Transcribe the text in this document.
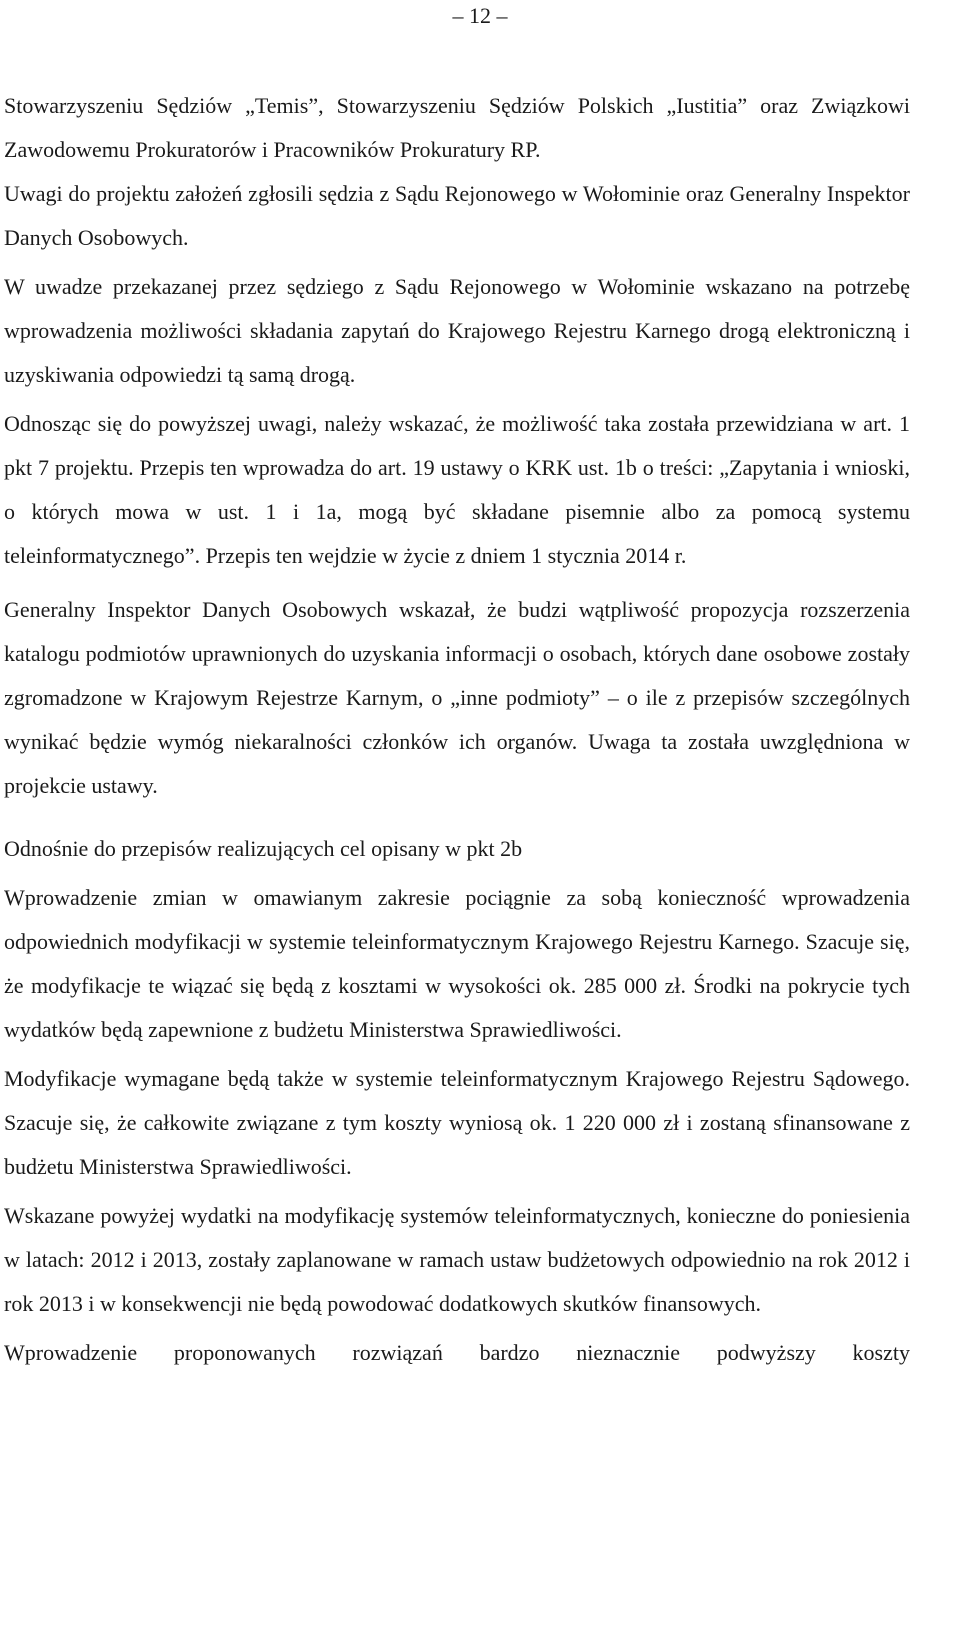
– 12 –

Stowarzyszeniu Sędziów „Temis”, Stowarzyszeniu Sędziów Polskich „Iustitia” oraz Związkowi Zawodowemu Prokuratorów i Pracowników Prokuratury RP.

Uwagi do projektu założeń zgłosili sędzia z Sądu Rejonowego w Wołominie oraz Generalny Inspektor Danych Osobowych.

W uwadze przekazanej przez sędziego z Sądu Rejonowego w Wołominie wskazano na potrzebę wprowadzenia możliwości składania zapytań do Krajowego Rejestru Karnego drogą elektroniczną i uzyskiwania odpowiedzi tą samą drogą.

Odnosząc się do powyższej uwagi, należy wskazać, że możliwość taka została przewidziana w art. 1 pkt 7 projektu. Przepis ten wprowadza do art. 19 ustawy o KRK ust. 1b o treści: „Zapytania i wnioski, o których mowa w ust. 1 i 1a, mogą być składane pisemnie albo za pomocą systemu teleinformatycznego”. Przepis ten wejdzie w życie z dniem 1 stycznia 2014 r.

Generalny Inspektor Danych Osobowych wskazał, że budzi wątpliwość propozycja rozszerzenia katalogu podmiotów uprawnionych do uzyskania informacji o osobach, których dane osobowe zostały zgromadzone w Krajowym Rejestrze Karnym, o „inne podmioty” – o ile z przepisów szczególnych wynikać będzie wymóg niekaralności członków ich organów. Uwaga ta została uwzględniona w projekcie ustawy.

Odnośnie do przepisów realizujących cel opisany w pkt 2b

Wprowadzenie zmian w omawianym zakresie pociągnie za sobą konieczność wprowadzenia odpowiednich modyfikacji w systemie teleinformatycznym Krajowego Rejestru Karnego. Szacuje się, że modyfikacje te wiązać się będą z kosztami w wysokości ok. 285 000 zł. Środki na pokrycie tych wydatków będą zapewnione z budżetu Ministerstwa Sprawiedliwości.

Modyfikacje wymagane będą także w systemie teleinformatycznym Krajowego Rejestru Sądowego. Szacuje się, że całkowite związane z tym koszty wyniosą ok. 1 220 000 zł i zostaną sfinansowane z budżetu Ministerstwa Sprawiedliwości.

Wskazane powyżej wydatki na modyfikację systemów teleinformatycznych, konieczne do poniesienia w latach: 2012 i 2013, zostały zaplanowane w ramach ustaw budżetowych odpowiednio na rok 2012 i rok 2013 i w konsekwencji nie będą powodować dodatkowych skutków finansowych.

Wprowadzenie proponowanych rozwiązań bardzo nieznacznie podwyższy koszty
